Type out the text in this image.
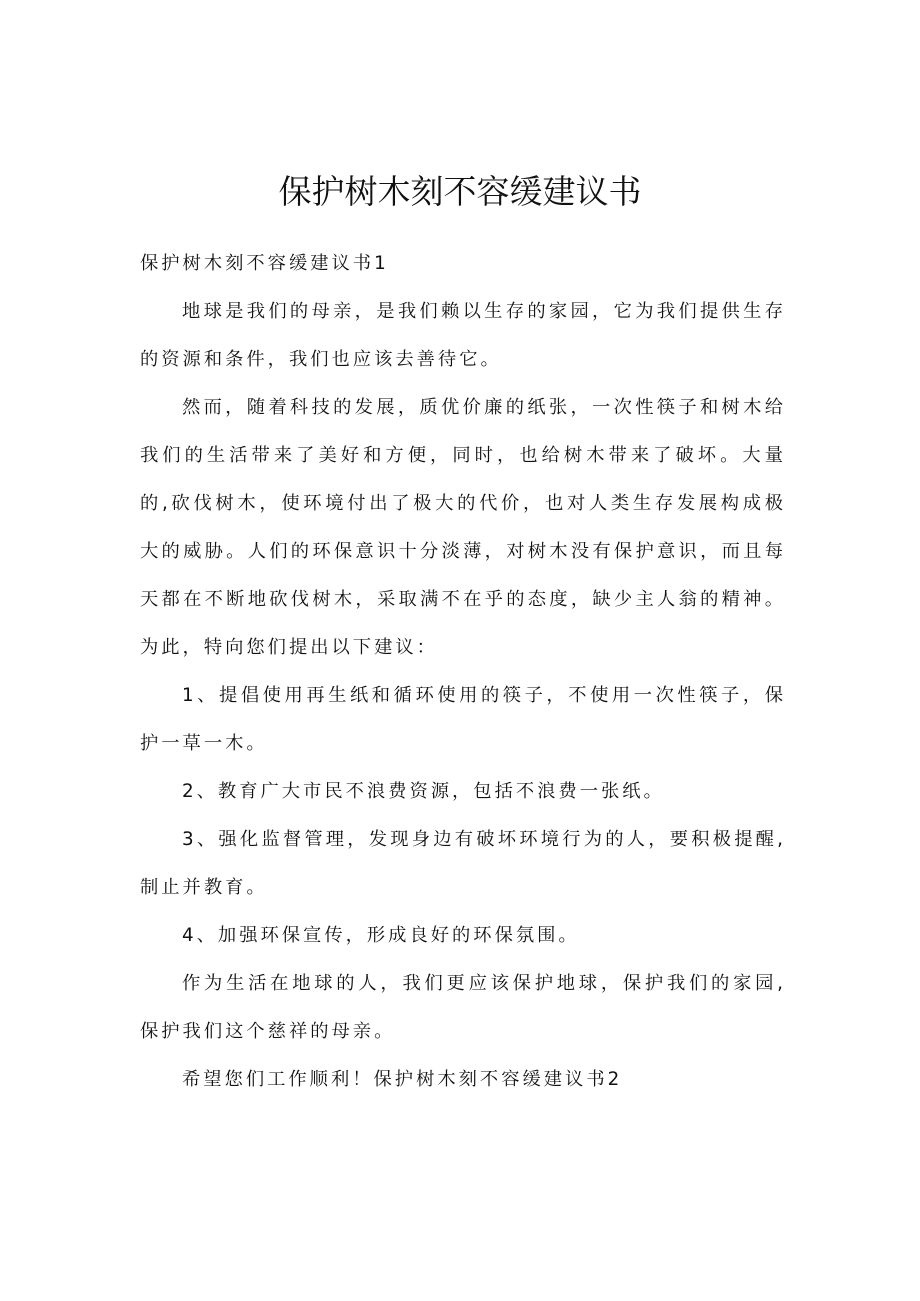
保护树木刻不容缓建议书

保护树木刻不容缓建议书1

地球是我们的母亲，是我们赖以生存的家园，它为我们提供生存的资源和条件，我们也应该去善待它。

然而，随着科技的发展，质优价廉的纸张，一次性筷子和树木给我们的生活带来了美好和方便，同时，也给树木带来了破坏。大量的,砍伐树木，使环境付出了极大的代价，也对人类生存发展构成极大的威胁。人们的环保意识十分淡薄，对树木没有保护意识，而且每天都在不断地砍伐树木，采取满不在乎的态度，缺少主人翁的精神。为此，特向您们提出以下建议：

1、提倡使用再生纸和循环使用的筷子，不使用一次性筷子，保护一草一木。

2、教育广大市民不浪费资源，包括不浪费一张纸。

3、强化监督管理，发现身边有破坏环境行为的人，要积极提醒,制止并教育。

4、加强环保宣传，形成良好的环保氛围。

作为生活在地球的人，我们更应该保护地球，保护我们的家园,保护我们这个慈祥的母亲。

希望您们工作顺利！保护树木刻不容缓建议书2
